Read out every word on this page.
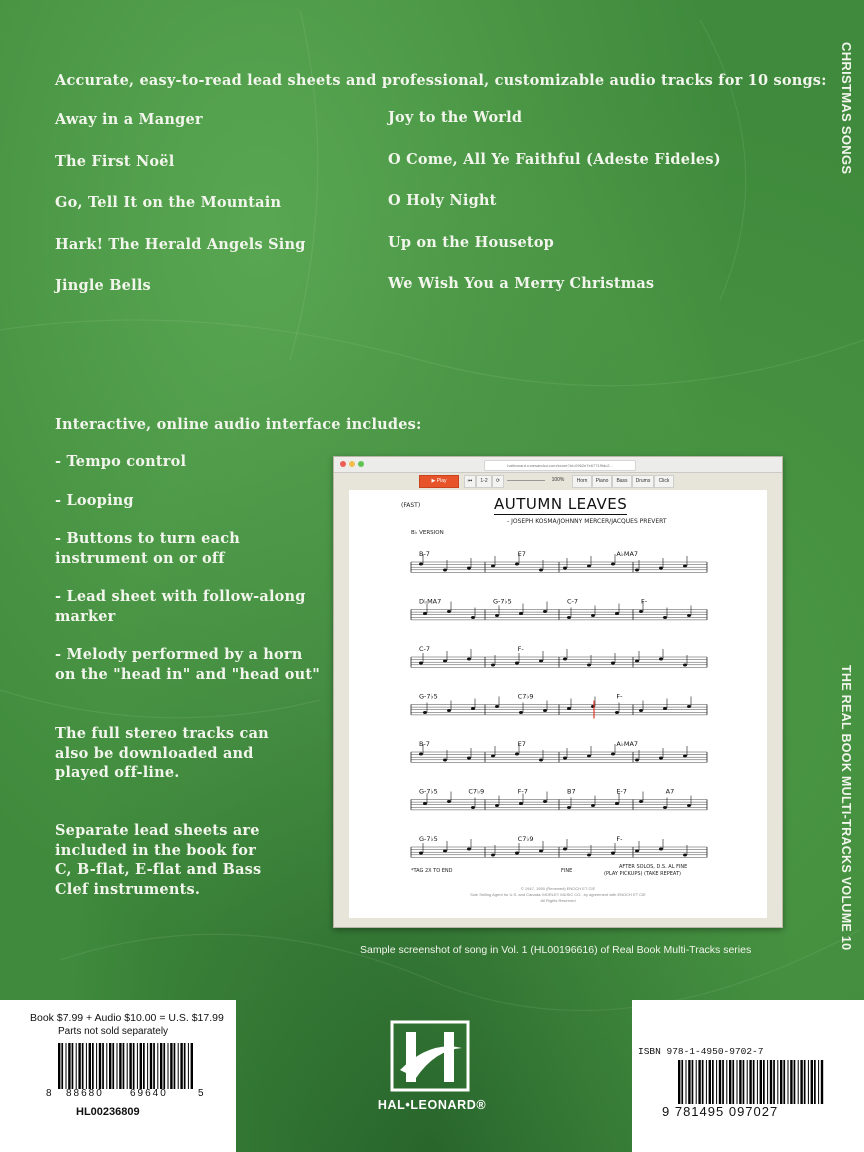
CHRISTMAS SONGS
THE REAL BOOK MULTI-TRACKS VOLUME 10
Accurate, easy-to-read lead sheets and professional, customizable audio tracks for 10 songs:
Away in a Manger
The First Noël
Go, Tell It on the Mountain
Hark! The Herald Angels Sing
Jingle Bells
Joy to the World
O Come, All Ye Faithful (Adeste Fideles)
O Holy Night
Up on the Housetop
We Wish You a Merry Christmas
Interactive, online audio interface includes:
- Tempo control
- Looping
- Buttons to turn each instrument on or off
- Lead sheet with follow-along marker
- Melody performed by a horn on the "head in" and "head out"
The full stereo tracks can also be downloaded and played off-line.
Separate lead sheets are included in the book for C, B-flat, E-flat and Bass Clef instruments.
halleonard.runesandco.com/score?id=0962e7e6771f9dc2...
▶ Play	⏮	1-2	⟳	100%	Horn	Piano	Bass	Drums	Click
(FAST)	AUTUMN LEAVES
- JOSEPH KOSMA/JOHNNY MERCER/JACQUES PREVERT
B♭ VERSION
B-7	E7	A♭MA7
D♭MA7	G-7♭5	C-7	F-
C-7	F-
G-7♭5	C7♭9	F-
B-7	E7	A♭MA7
G-7♭5	C7♭9	F-7	B7	E-7	A7
G-7♭5	C7♭9	F-
*TAG 2X TO END	FINE
AFTER SOLOS, D.S. AL FINE
(PLAY PICKUPS) (TAKE REPEAT)
© 1947, 1950 (Renewed) ENOCH ET CIE
Sole Selling Agent for U.S. and Canada: MORLEY MUSIC CO., by agreement with ENOCH ET CIE
All Rights Reserved
Sample screenshot of song in Vol. 1 (HL00196616) of Real Book Multi-Tracks series
Book $7.99 + Audio $10.00 = U.S. $17.99
Parts not sold separately
8 88680	69640	5
HL00236809	HAL•LEONARD®
ISBN 978-1-4950-9702-7
9 781495 097027
